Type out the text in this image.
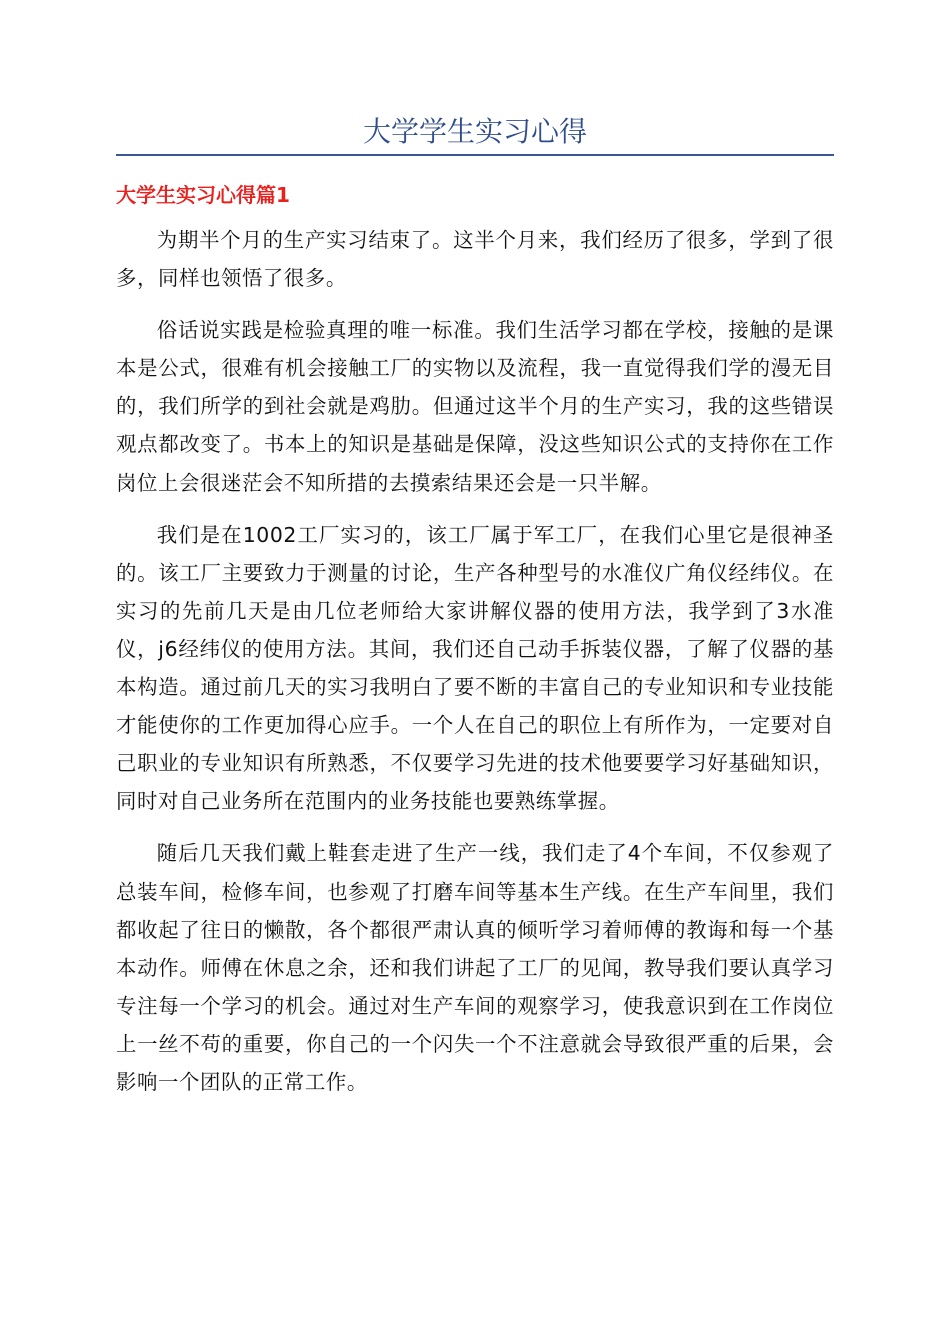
大学学生实习心得
大学生实习心得篇1

为期半个月的生产实习结束了。这半个月来，我们经历了很多，学到了很多，同样也领悟了很多。

俗话说实践是检验真理的唯一标准。我们生活学习都在学校，接触的是课本是公式，很难有机会接触工厂的实物以及流程，我一直觉得我们学的漫无目的，我们所学的到社会就是鸡肋。但通过这半个月的生产实习，我的这些错误观点都改变了。书本上的知识是基础是保障，没这些知识公式的支持你在工作岗位上会很迷茫会不知所措的去摸索结果还会是一只半解。

我们是在1002工厂实习的，该工厂属于军工厂，在我们心里它是很神圣的。该工厂主要致力于测量的讨论，生产各种型号的水准仪广角仪经纬仪。在实习的先前几天是由几位老师给大家讲解仪器的使用方法，我学到了3水准仪，j6经纬仪的使用方法。其间，我们还自己动手拆装仪器，了解了仪器的基本构造。通过前几天的实习我明白了要不断的丰富自己的专业知识和专业技能才能使你的工作更加得心应手。一个人在自己的职位上有所作为，一定要对自己职业的专业知识有所熟悉，不仅要学习先进的技术他要要学习好基础知识，同时对自己业务所在范围内的业务技能也要熟练掌握。

随后几天我们戴上鞋套走进了生产一线，我们走了4个车间，不仅参观了总装车间，检修车间，也参观了打磨车间等基本生产线。在生产车间里，我们都收起了往日的懒散，各个都很严肃认真的倾听学习着师傅的教诲和每一个基本动作。师傅在休息之余，还和我们讲起了工厂的见闻，教导我们要认真学习专注每一个学习的机会。通过对生产车间的观察学习，使我意识到在工作岗位上一丝不苟的重要，你自己的一个闪失一个不注意就会导致很严重的后果，会影响一个团队的正常工作。
